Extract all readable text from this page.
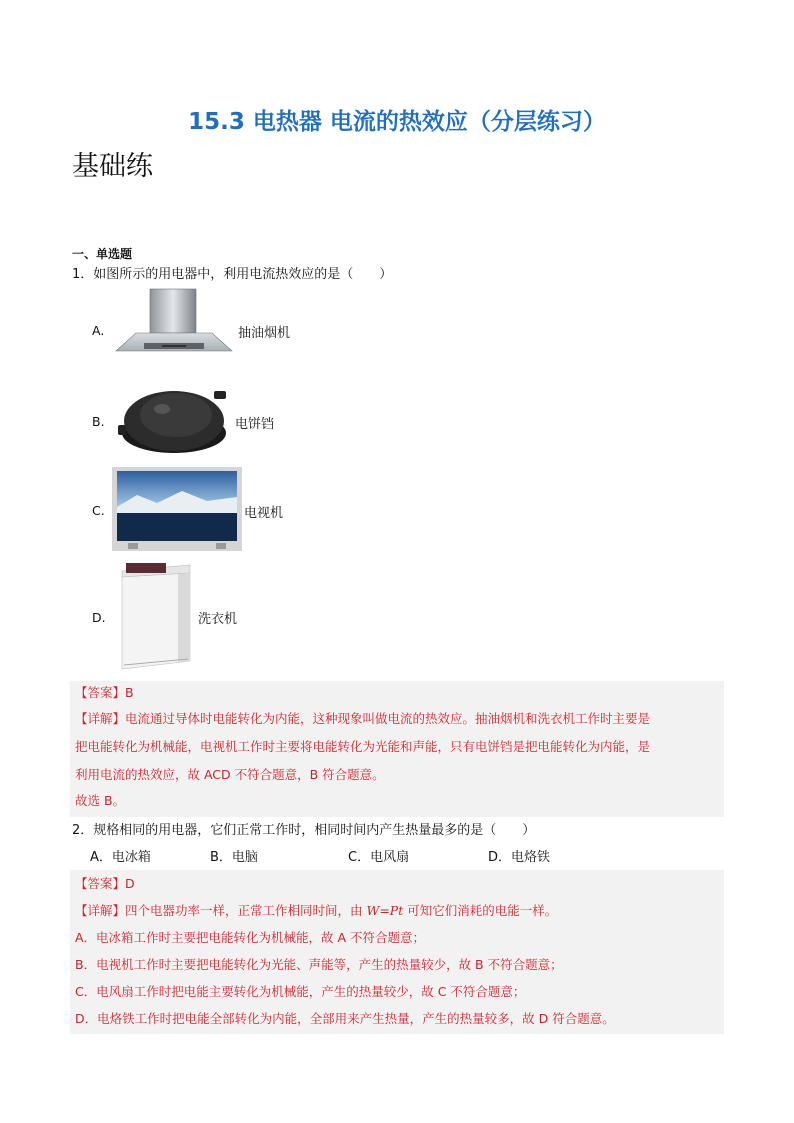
15.3 电热器 电流的热效应（分层练习）
基础练
一、单选题
1．如图所示的用电器中，利用电流热效应的是（　　）
A.	抽油烟机
B.	电饼铛
C.	电视机
D.	洗衣机
【答案】B
【详解】电流通过导体时电能转化为内能，这种现象叫做电流的热效应。抽油烟机和洗衣机工作时主要是
把电能转化为机械能，电视机工作时主要将电能转化为光能和声能，只有电饼铛是把电能转化为内能，是
利用电流的热效应，故 ACD 不符合题意，B 符合题意。
故选 B。
2．规格相同的用电器，它们正常工作时，相同时间内产生热量最多的是（　　）
A．电冰箱	B．电脑	C．电风扇	D．电烙铁
【答案】D
【详解】四个电器功率一样，正常工作相同时间，由 W=Pt 可知它们消耗的电能一样。
A．电冰箱工作时主要把电能转化为机械能，故 A 不符合题意；
B．电视机工作时主要把电能转化为光能、声能等，产生的热量较少，故 B 不符合题意；
C．电风扇工作时把电能主要转化为机械能，产生的热量较少，故 C 不符合题意；
D．电烙铁工作时把电能全部转化为内能，全部用来产生热量，产生的热量较多，故 D 符合题意。
